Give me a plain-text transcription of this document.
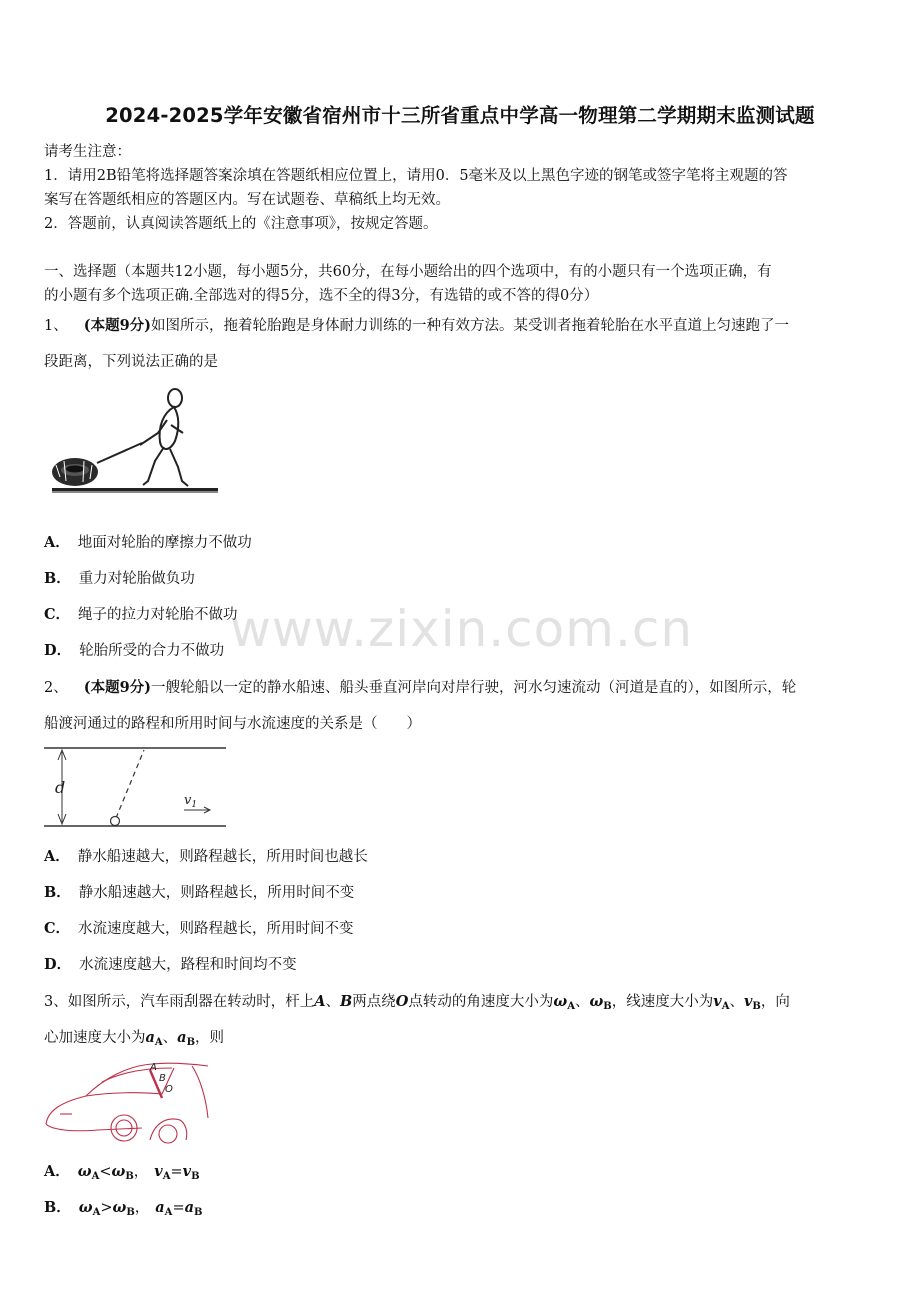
2024-2025学年安徽省宿州市十三所省重点中学高一物理第二学期期末监测试题
请考生注意：
1．请用2B铅笔将选择题答案涂填在答题纸相应位置上，请用0．5毫米及以上黑色字迹的钢笔或签字笔将主观题的答
案写在答题纸相应的答题区内。写在试题卷、草稿纸上均无效。
2．答题前，认真阅读答题纸上的《注意事项》，按规定答题。
一、选择题（本题共12小题，每小题5分，共60分，在每小题给出的四个选项中，有的小题只有一个选项正确，有
的小题有多个选项正确.全部选对的得5分，选不全的得3分，有选错的或不答的得0分）
1、 (本题9分)如图所示，拖着轮胎跑是身体耐力训练的一种有效方法。某受训者拖着轮胎在水平直道上匀速跑了一
段距离，下列说法正确的是
A． 地面对轮胎的摩擦力不做功
B． 重力对轮胎做负功
C． 绳子的拉力对轮胎不做功
D． 轮胎所受的合力不做功 www.zixin.com.cn
2、 (本题9分)一艘轮船以一定的静水船速、船头垂直河岸向对岸行驶，河水匀速流动（河道是直的），如图所示，轮
船渡河通过的路程和所用时间与水流速度的关系是（　　）
d
$v_1$
A． 静水船速越大，则路程越长，所用时间也越长
B． 静水船速越大，则路程越长，所用时间不变
C． 水流速度越大，则路程越长，所用时间不变
D． 水流速度越大，路程和时间均不变
3、如图所示，汽车雨刮器在转动时，杆上A、B两点绕O点转动的角速度大小为$\omega_A$、$\omega_B$，线速度大小为$v_A$、$v_B$，向
心加速度大小为$a_A$、$a_B$，则
A
B
O
A． $\omega_A<\omega_B$， $v_A=v_B$
B． $\omega_A>\omega_B$， $a_A=a_B$
